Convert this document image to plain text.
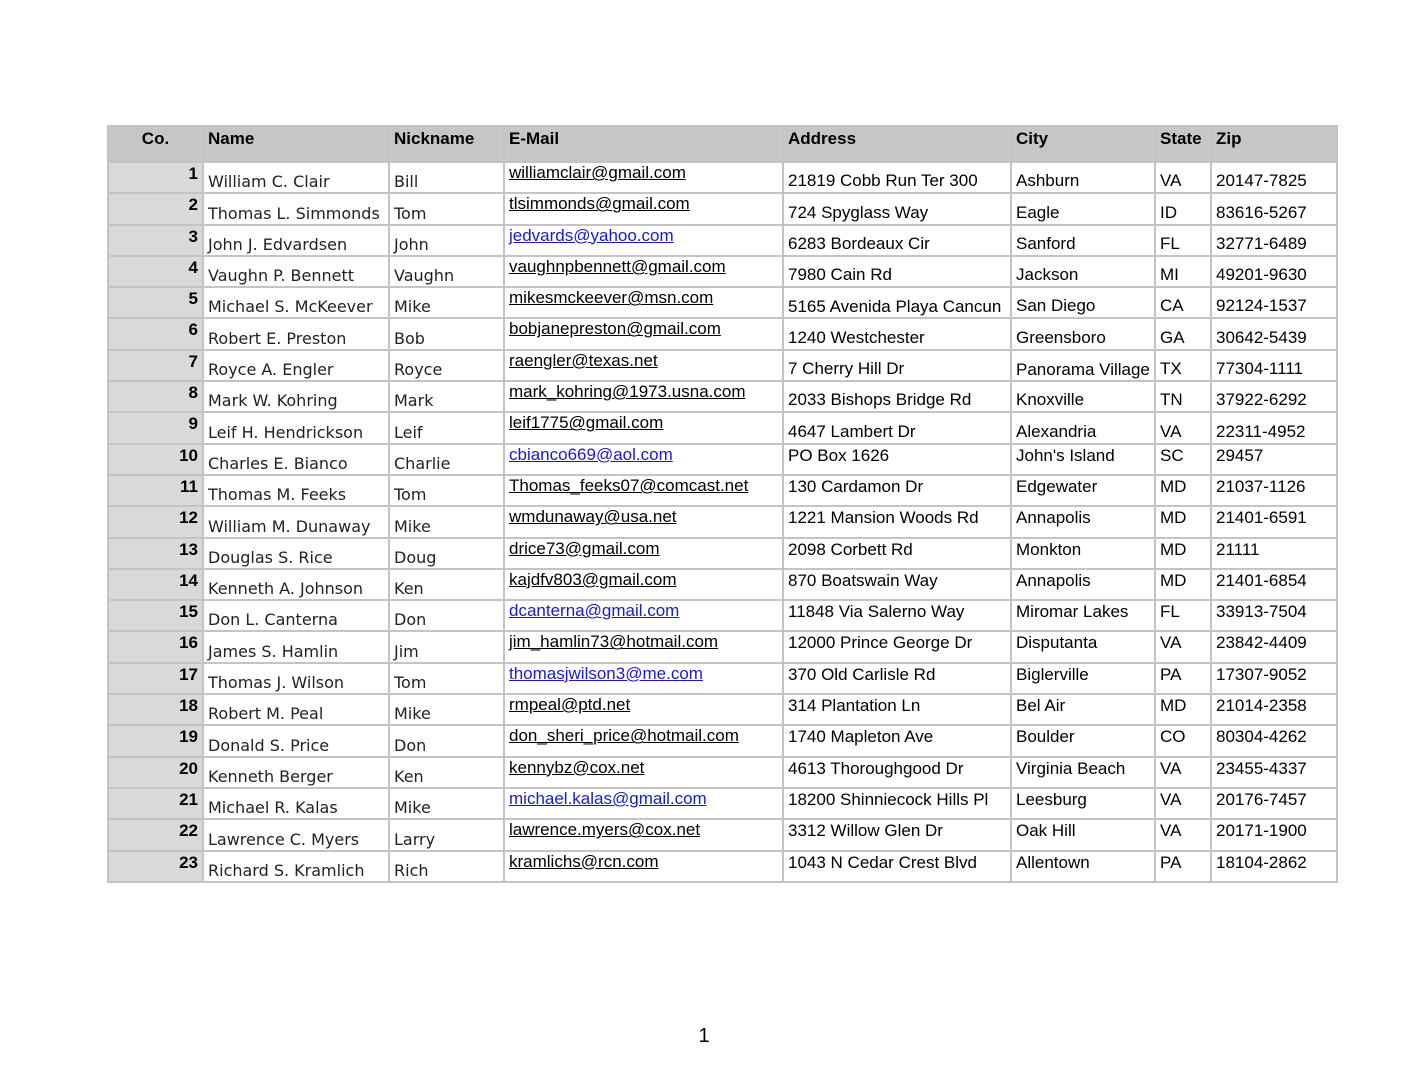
Co.	Name	Nickname	E-Mail	Address	City	State	Zip
1	William C. Clair	Bill	williamclair@gmail.com	21819 Cobb Run Ter 300	Ashburn	VA	20147-7825
2	Thomas L. Simmonds	Tom	tlsimmonds@gmail.com	724 Spyglass Way	Eagle	ID	83616-5267
3	John J. Edvardsen	John	jedvards@yahoo.com	6283 Bordeaux Cir	Sanford	FL	32771-6489
4	Vaughn P. Bennett	Vaughn	vaughnpbennett@gmail.com	7980 Cain Rd	Jackson	MI	49201-9630
5	Michael S. McKeever	Mike	mikesmckeever@msn.com	5165 Avenida Playa Cancun	San Diego	CA	92124-1537
6	Robert E. Preston	Bob	bobjanepreston@gmail.com	1240 Westchester	Greensboro	GA	30642-5439
7	Royce A. Engler	Royce	raengler@texas.net	7 Cherry Hill Dr	Panorama Village	TX	77304-1111
8	Mark W. Kohring	Mark	mark_kohring@1973.usna.com	2033 Bishops Bridge Rd	Knoxville	TN	37922-6292
9	Leif H. Hendrickson	Leif	leif1775@gmail.com	4647 Lambert Dr	Alexandria	VA	22311-4952
10	Charles E. Bianco	Charlie	cbianco669@aol.com	PO Box 1626	John's Island	SC	29457
11	Thomas M. Feeks	Tom	Thomas_feeks07@comcast.net	130 Cardamon Dr	Edgewater	MD	21037-1126
12	William M. Dunaway	Mike	wmdunaway@usa.net	1221 Mansion Woods Rd	Annapolis	MD	21401-6591
13	Douglas S. Rice	Doug	drice73@gmail.com	2098 Corbett Rd	Monkton	MD	21111
14	Kenneth A. Johnson	Ken	kajdfv803@gmail.com	870 Boatswain Way	Annapolis	MD	21401-6854
15	Don L. Canterna	Don	dcanterna@gmail.com	11848 Via Salerno Way	Miromar Lakes	FL	33913-7504
16	James S. Hamlin	Jim	jim_hamlin73@hotmail.com	12000 Prince George Dr	Disputanta	VA	23842-4409
17	Thomas J. Wilson	Tom	thomasjwilson3@me.com	370 Old Carlisle Rd	Biglerville	PA	17307-9052
18	Robert M. Peal	Mike	rmpeal@ptd.net	314 Plantation Ln	Bel Air	MD	21014-2358
19	Donald S. Price	Don	don_sheri_price@hotmail.com	1740 Mapleton Ave	Boulder	CO	80304-4262
20	Kenneth Berger	Ken	kennybz@cox.net	4613 Thoroughgood Dr	Virginia Beach	VA	23455-4337
21	Michael R. Kalas	Mike	michael.kalas@gmail.com	18200 Shinniecock Hills Pl	Leesburg	VA	20176-7457
22	Lawrence C. Myers	Larry	lawrence.myers@cox.net	3312 Willow Glen Dr	Oak Hill	VA	20171-1900
23	Richard S. Kramlich	Rich	kramlichs@rcn.com	1043 N Cedar Crest Blvd	Allentown	PA	18104-2862
1
